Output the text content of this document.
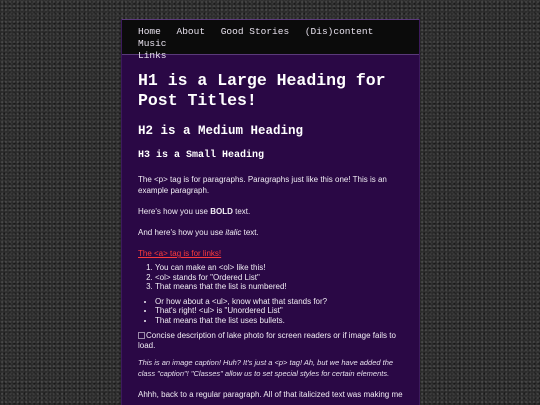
Home About Good Stories (Dis)content Music
Links
H1 is a Large Heading for Post Titles!
H2 is a Medium Heading
H3 is a Small Heading

The <p> tag is for paragraphs. Paragraphs just like this one! This is an example paragraph.

Here's how you use BOLD text.

And here's how you use italic text.

The <a> tag is for links!

1. You can make an <ol> like this!
2. <ol> stands for "Ordered List"
3. That means that the list is numbered!
• Or how about a <ul>, know what that stands for?
• That's right! <ul> is "Unordered List"
• That means that the list uses bullets.
Concise description of lake photo for screen readers or if image fails to load.

This is an image caption! Huh? It's just a <p> tag! Ah, but we have added the class "caption"! "Classes" allow us to set special styles for certain elements.

Ahhh, back to a regular paragraph. All of that italicized text was making me
